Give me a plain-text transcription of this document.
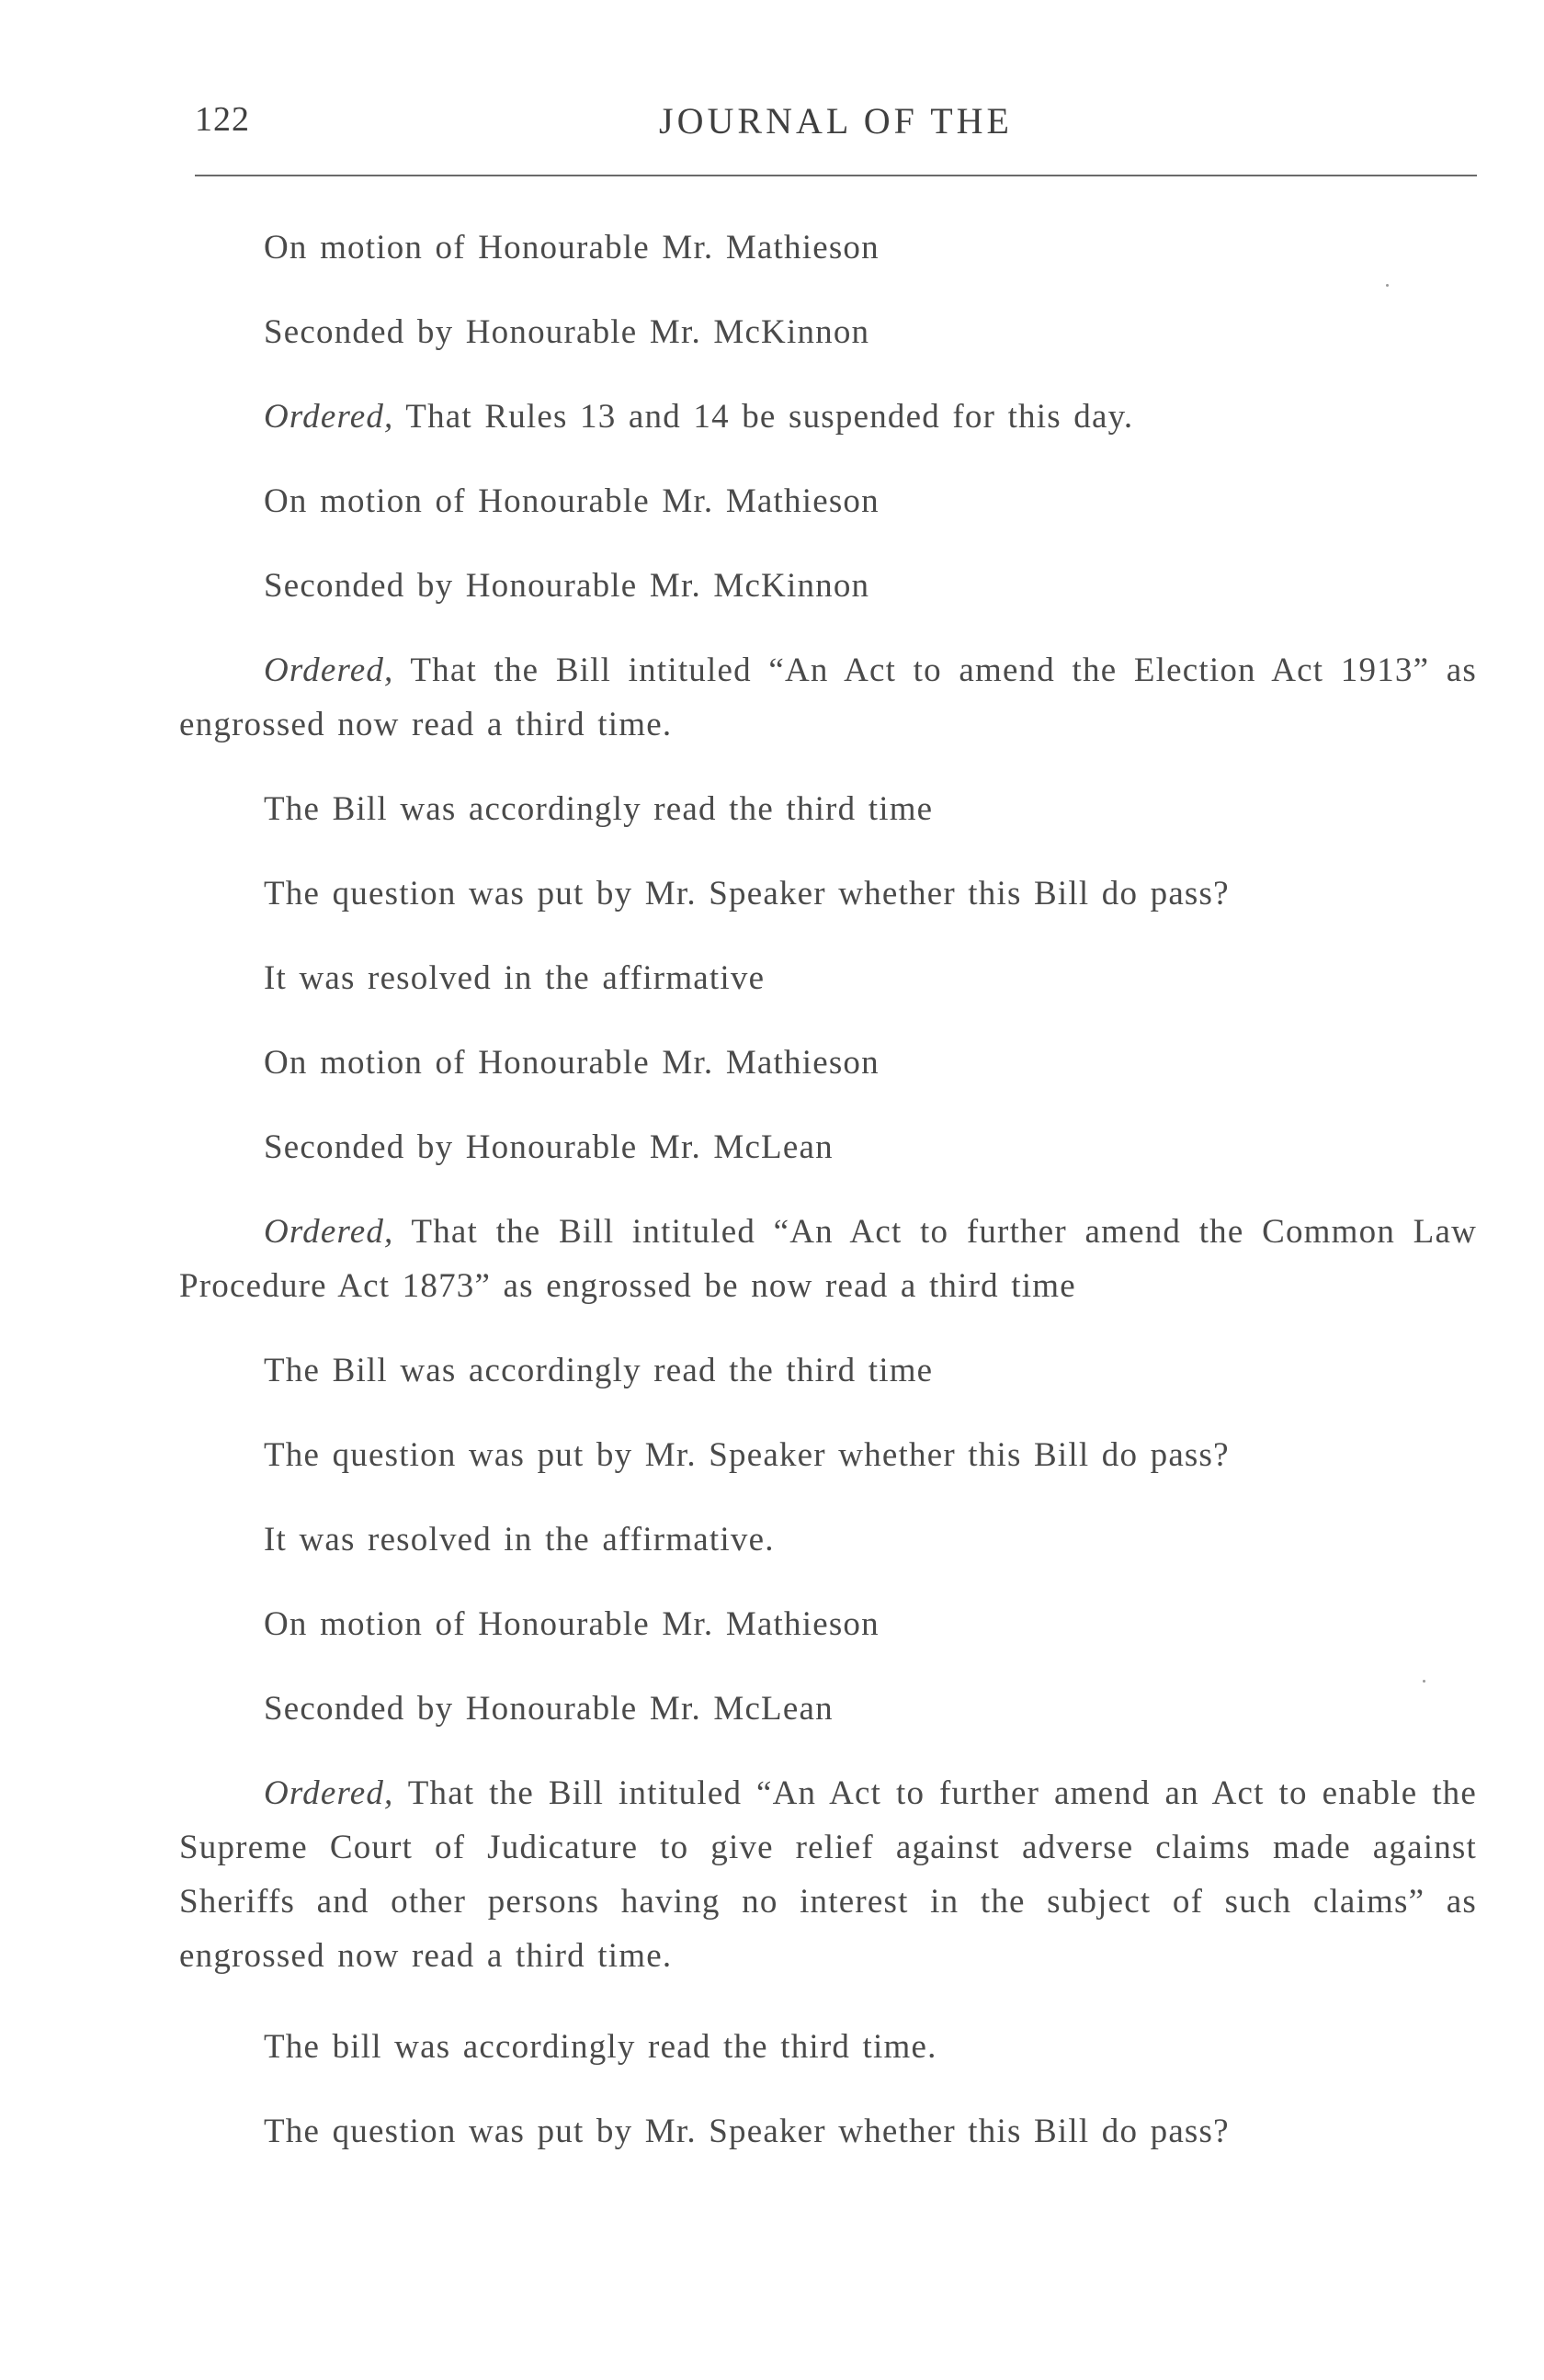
122	JOURNAL OF THE

On motion of Honourable Mr. Mathieson

Seconded by Honourable Mr. McKinnon

Ordered, That Rules 13 and 14 be suspended for this day.

On motion of Honourable Mr. Mathieson

Seconded by Honourable Mr. McKinnon

Ordered, That the Bill intituled “An Act to amend the Election Act 1913” as engrossed now read a third time.

The Bill was accordingly read the third time

The question was put by Mr. Speaker whether this Bill do pass?

It was resolved in the affirmative

On motion of Honourable Mr. Mathieson

Seconded by Honourable Mr. McLean

Ordered, That the Bill intituled “An Act to further amend the Common Law Procedure Act 1873” as engrossed be now read a third time

The Bill was accordingly read the third time

The question was put by Mr. Speaker whether this Bill do pass?

It was resolved in the affirmative.

On motion of Honourable Mr. Mathieson

Seconded by Honourable Mr. McLean

Ordered, That the Bill intituled “An Act to further amend an Act to enable the Supreme Court of Judicature to give relief against adverse claims made against Sheriffs and other persons having no interest in the subject of such claims” as engrossed now read a third time.

The bill was accordingly read the third time.

The question was put by Mr. Speaker whether this Bill do pass?
